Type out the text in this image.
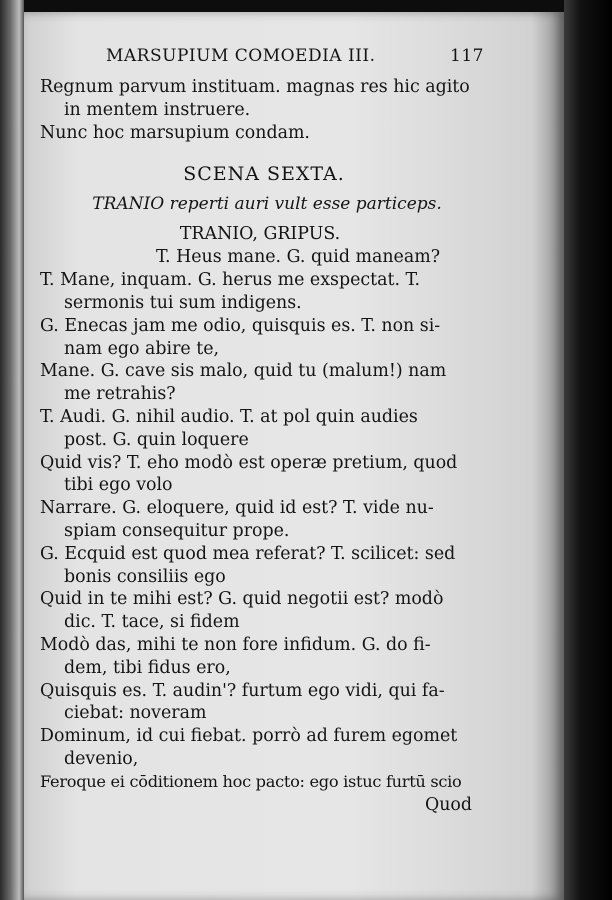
MARSUPIUM COMOEDIA III.	117
Regnum parvum instituam. magnas res hic agito
in mentem instruere.
Nunc hoc marsupium condam.
SCENA SEXTA.
TRANIO reperti auri vult esse particeps.
TRANIO, GRIPUS.
T. Heus mane. G. quid maneam?
T. Mane, inquam. G. herus me exspectat. T.
sermonis tui sum indigens.
G. Enecas jam me odio, quisquis es. T. non si-
nam ego abire te,
Mane. G. cave sis malo, quid tu (malum!) nam
me retrahis?
T. Audi. G. nihil audio. T. at pol quin audies
post. G. quin loquere
Quid vis? T. eho modò est operæ pretium, quod
tibi ego volo
Narrare. G. eloquere, quid id est? T. vide nu-
spiam consequitur prope.
G. Ecquid est quod mea referat? T. scilicet: sed
bonis consiliis ego
Quid in te mihi est? G. quid negotii est? modò
dic. T. tace, si fidem
Modò das, mihi te non fore infidum. G. do fi-
dem, tibi fidus ero,
Quisquis es. T. audin'? furtum ego vidi, qui fa-
ciebat: noveram
Dominum, id cui fiebat. porrò ad furem egomet
devenio,
Feroque ei cōditionem hoc pacto: ego istuc furtū scio
Quod
